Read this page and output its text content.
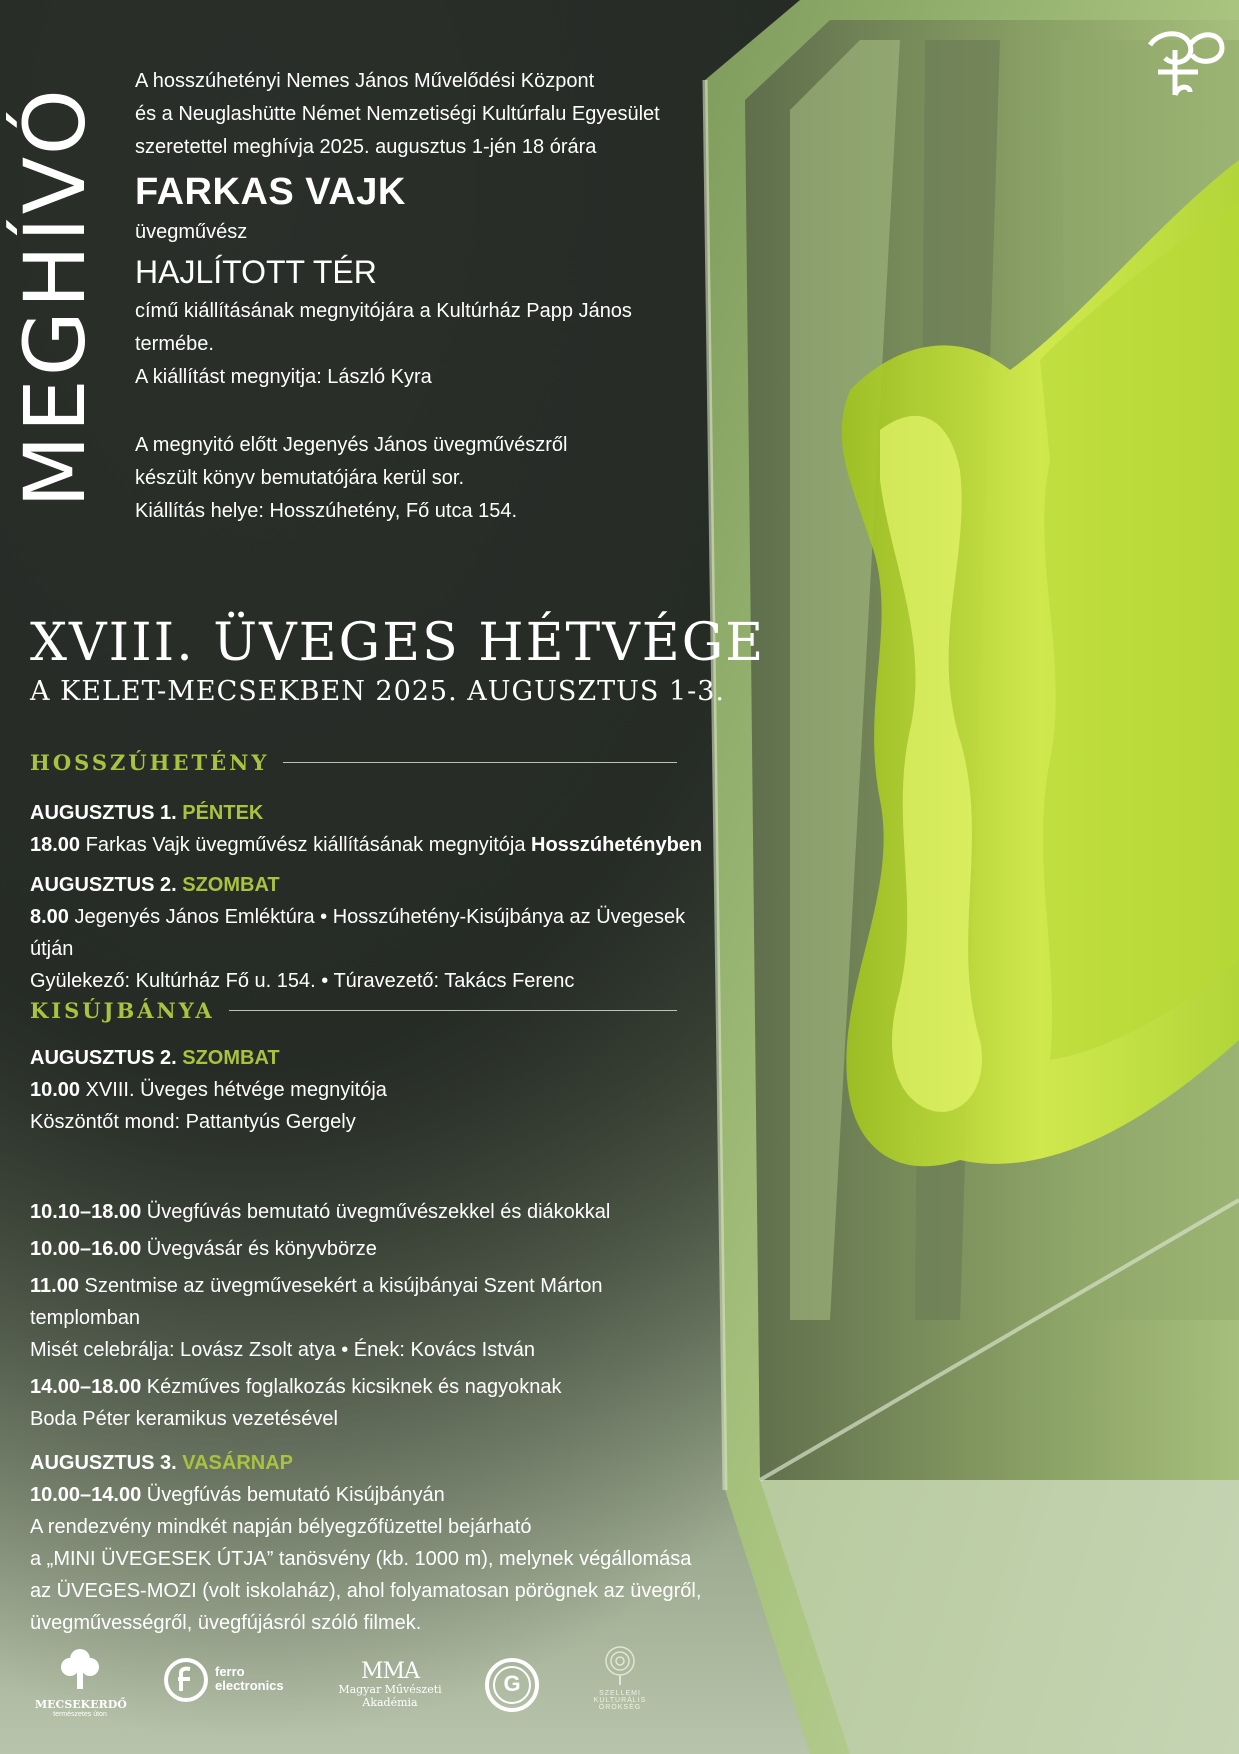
MEGHÍVÓ

A hosszúhetényi Nemes János Művelődési Központ

és a Neuglashütte Német Nemzetiségi Kultúrfalu Egyesület

szeretettel meghívja 2025. augusztus 1-jén 18 órára

FARKAS VAJK

üvegművész

HAJLÍTOTT TÉR

című kiállításának megnyitójára a Kultúrház Papp János termébe.

A kiállítást megnyitja: László Kyra

A megnyitó előtt Jegenyés János üvegművészről

készült könyv bemutatójára kerül sor.

Kiállítás helye: Hosszúhetény, Fő utca 154.

XVIII. ÜVEGES HÉTVÉGE
A KELET-MECSEKBEN 2025. AUGUSZTUS 1-3.
HOSSZÚHETÉNY

AUGUSZTUS 1. PÉNTEK

18.00 Farkas Vajk üvegművész kiállításának megnyitója Hosszúhetényben

AUGUSZTUS 2. SZOMBAT

8.00 Jegenyés János Emléktúra • Hosszúhetény-Kisújbánya az Üvegesek útján

Gyülekező: Kultúrház Fő u. 154. • Túravezető: Takács Ferenc

KISÚJBÁNYA

AUGUSZTUS 2. SZOMBAT

10.00 XVIII. Üveges hétvége megnyitója

Köszöntőt mond: Pattantyús Gergely

10.10–18.00 Üvegfúvás bemutató üvegművészekkel és diákokkal

10.00–16.00 Üvegvásár és könyvbörze

11.00 Szentmise az üvegművesekért a kisújbányai Szent Márton templomban

Misét celebrálja: Lovász Zsolt atya • Ének: Kovács István

14.00–18.00 Kézműves foglalkozás kicsiknek és nagyoknak

Boda Péter keramikus vezetésével

AUGUSZTUS 3. VASÁRNAP

10.00–14.00 Üvegfúvás bemutató Kisújbányán

A rendezvény mindkét napján bélyegzőfüzettel bejárható

a „MINI ÜVEGESEK ÚTJA” tanösvény (kb. 1000 m), melynek végállomása

az ÜVEGES-MOZI (volt iskolaház), ahol folyamatosan pörögnek az üvegről,

üvegművességről, üvegfújásról szóló filmek.

MECSEKERDŐ
természetes úton
ferro
electronics
MMA
Magyar Művészeti
Akadémia
G	SZELLEMI
KULTURÁLIS
ÖRÖKSÉG
